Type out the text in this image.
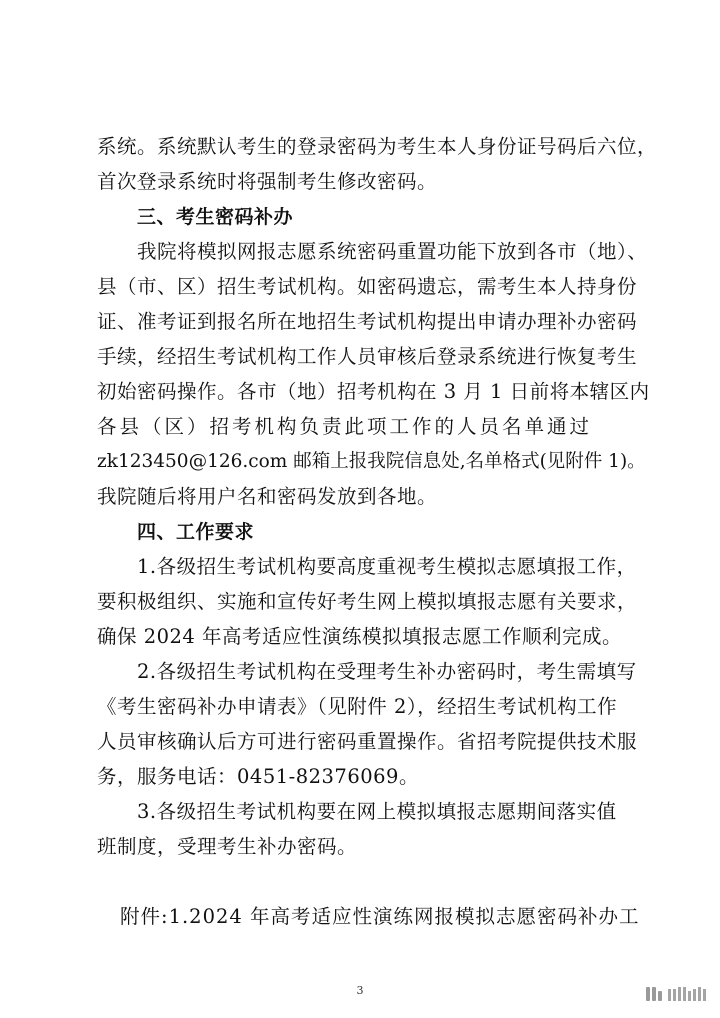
系统。系统默认考生的登录密码为考生本人身份证号码后六位，

首次登录系统时将强制考生修改密码。

三、考生密码补办

我院将模拟网报志愿系统密码重置功能下放到各市（地）、

县（市、区）招生考试机构。如密码遗忘，需考生本人持身份

证、准考证到报名所在地招生考试机构提出申请办理补办密码

手续，经招生考试机构工作人员审核后登录系统进行恢复考生

初始密码操作。各市（地）招考机构在 3 月 1 日前将本辖区内

各县（区）招考机构负责此项工作的人员名单通过

zk123450@126.com 邮箱上报我院信息处,名单格式(见附件 1)。

我院随后将用户名和密码发放到各地。

四、工作要求

1.各级招生考试机构要高度重视考生模拟志愿填报工作，

要积极组织、实施和宣传好考生网上模拟填报志愿有关要求，

确保 2024 年高考适应性演练模拟填报志愿工作顺利完成。

2.各级招生考试机构在受理考生补办密码时，考生需填写

《考生密码补办申请表》（见附件 2），经招生考试机构工作

人员审核确认后方可进行密码重置操作。省招考院提供技术服

务，服务电话：0451-82376069。

3.各级招生考试机构要在网上模拟填报志愿期间落实值

班制度，受理考生补办密码。

附件:1.2024 年高考适应性演练网报模拟志愿密码补办工

3
